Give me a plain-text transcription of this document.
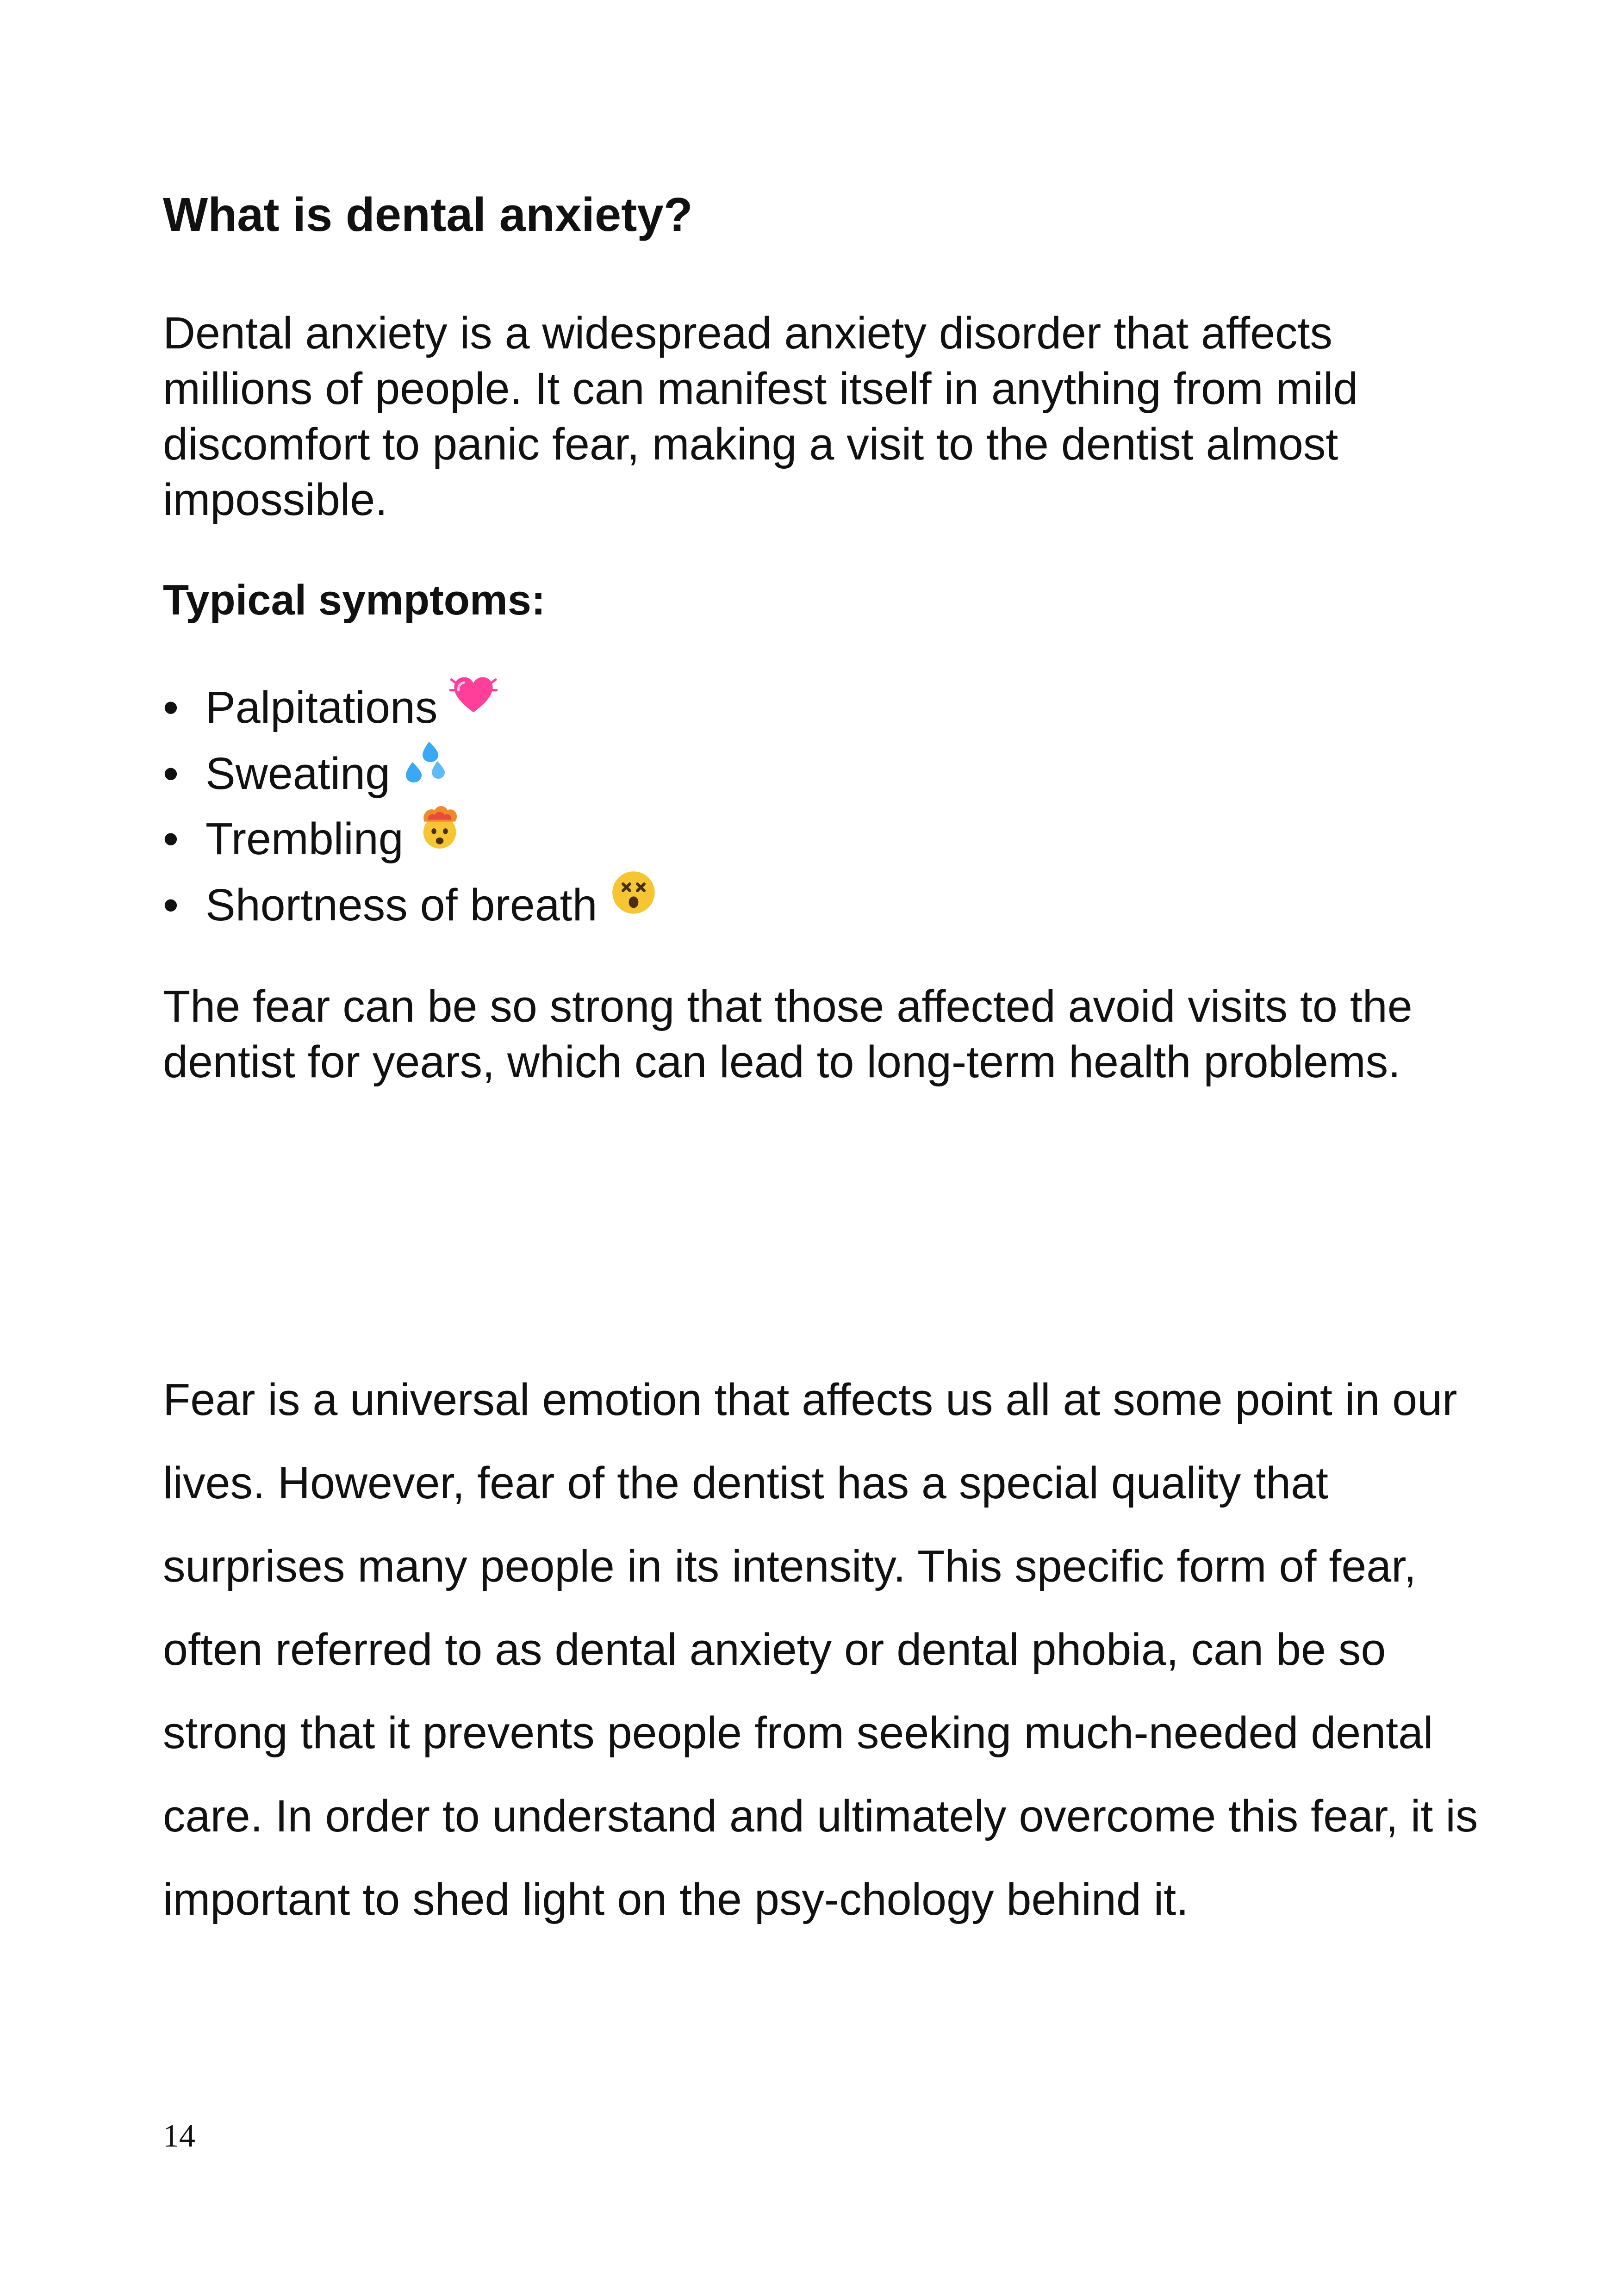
What is dental anxiety?

Dental anxiety is a widespread anxiety disorder that affects millions of people. It can manifest itself in anything from mild discomfort to panic fear, making a visit to the dentist almost impossible.

Typical symptoms:
• Palpitations
• Sweating
• Trembling
• Shortness of breath

The fear can be so strong that those affected avoid visits to the dentist for years, which can lead to long-term health problems.

Fear is a universal emotion that affects us all at some point in our lives. However, fear of the dentist has a special quality that surprises many people in its intensity. This specific form of fear, often referred to as dental anxiety or dental phobia, can be so strong that it prevents people from seeking much-needed dental care. In order to understand and ultimately overcome this fear, it is important to shed light on the psy-chology behind it.

14
